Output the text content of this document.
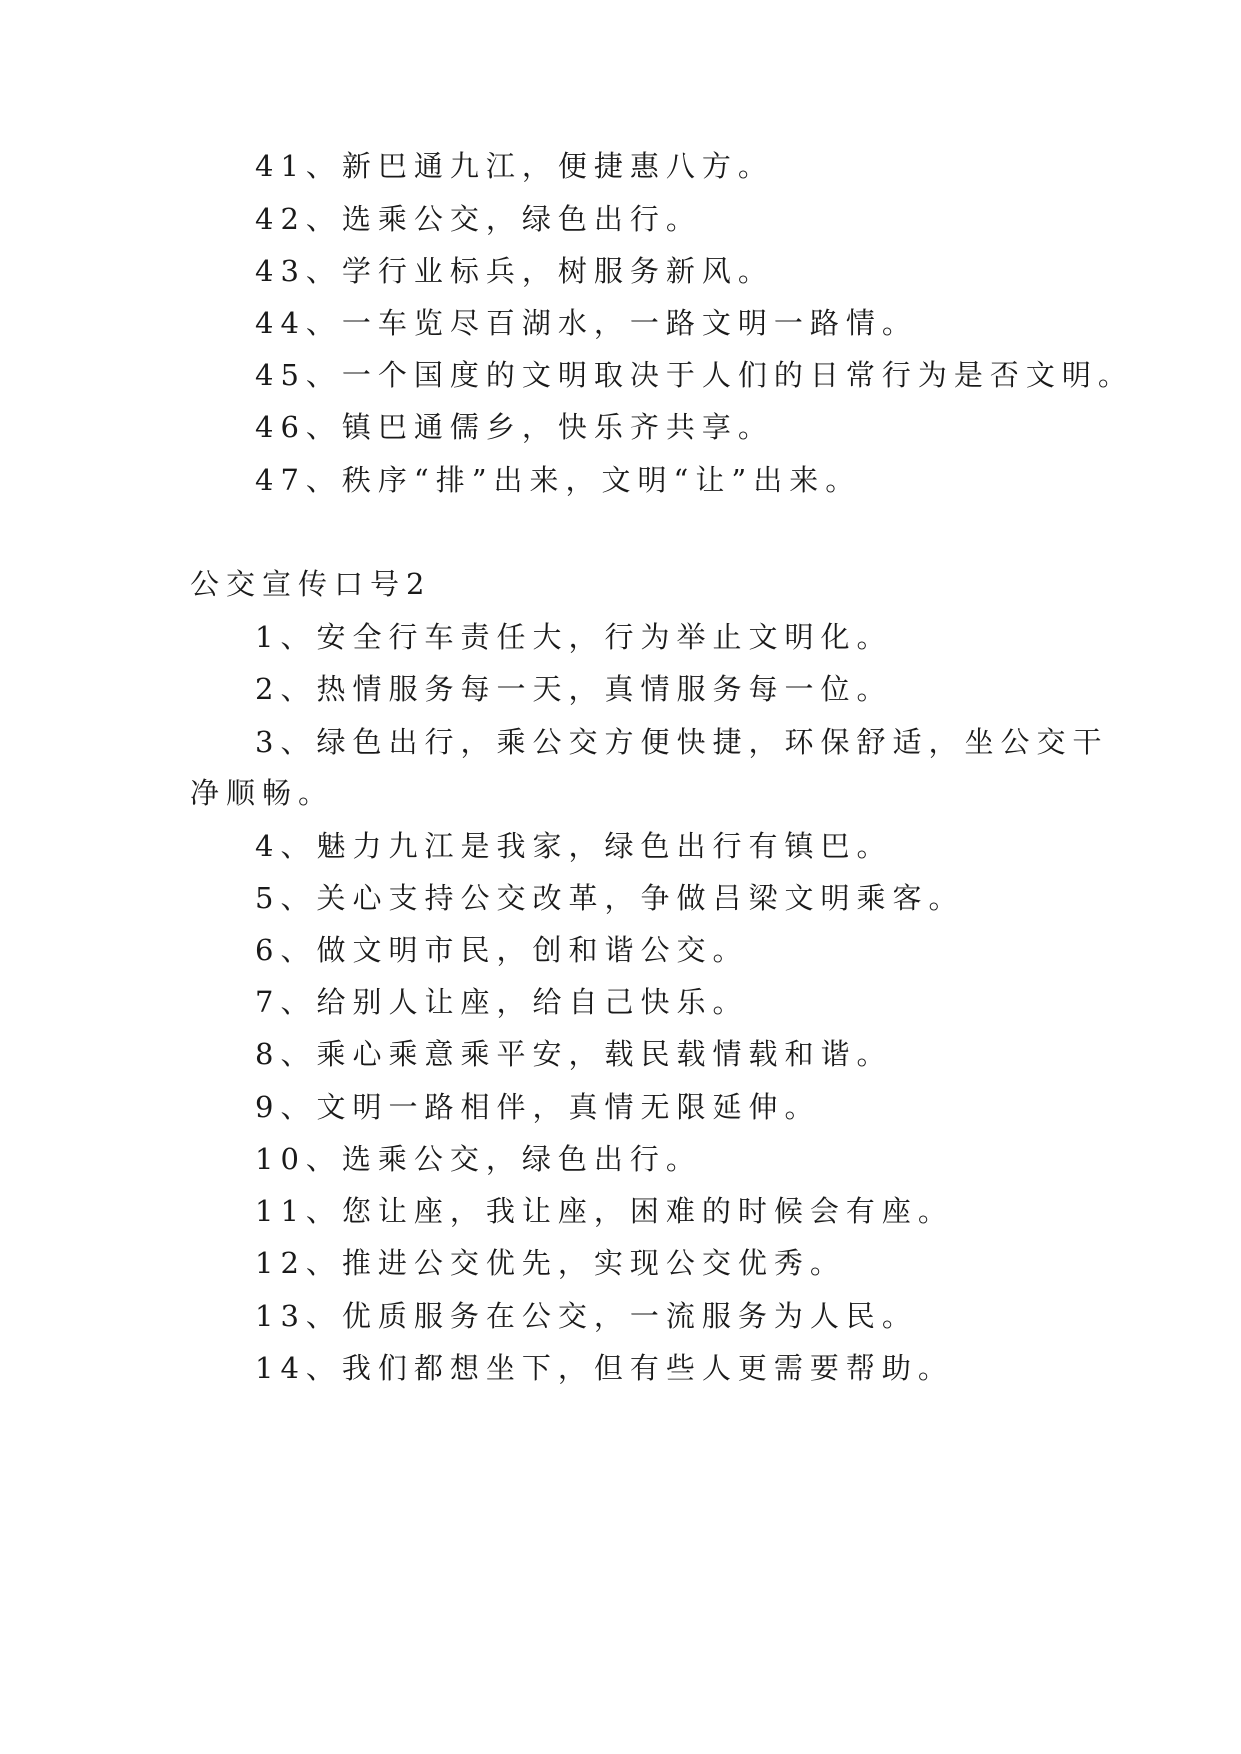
41、新巴通九江，便捷惠八方。
42、选乘公交，绿色出行。
43、学行业标兵，树服务新风。
44、一车览尽百湖水，一路文明一路情。
45、一个国度的文明取决于人们的日常行为是否文明。
46、镇巴通儒乡，快乐齐共享。
47、秩序“排”出来，文明“让”出来。
公交宣传口号2
1、安全行车责任大，行为举止文明化。
2、热情服务每一天，真情服务每一位。
3、绿色出行，乘公交方便快捷，环保舒适，坐公交干
净顺畅。
4、魅力九江是我家，绿色出行有镇巴。
5、关心支持公交改革，争做吕梁文明乘客。
6、做文明市民，创和谐公交。
7、给别人让座，给自己快乐。
8、乘心乘意乘平安，载民载情载和谐。
9、文明一路相伴，真情无限延伸。
10、选乘公交，绿色出行。
11、您让座，我让座，困难的时候会有座。
12、推进公交优先，实现公交优秀。
13、优质服务在公交，一流服务为人民。
14、我们都想坐下，但有些人更需要帮助。
